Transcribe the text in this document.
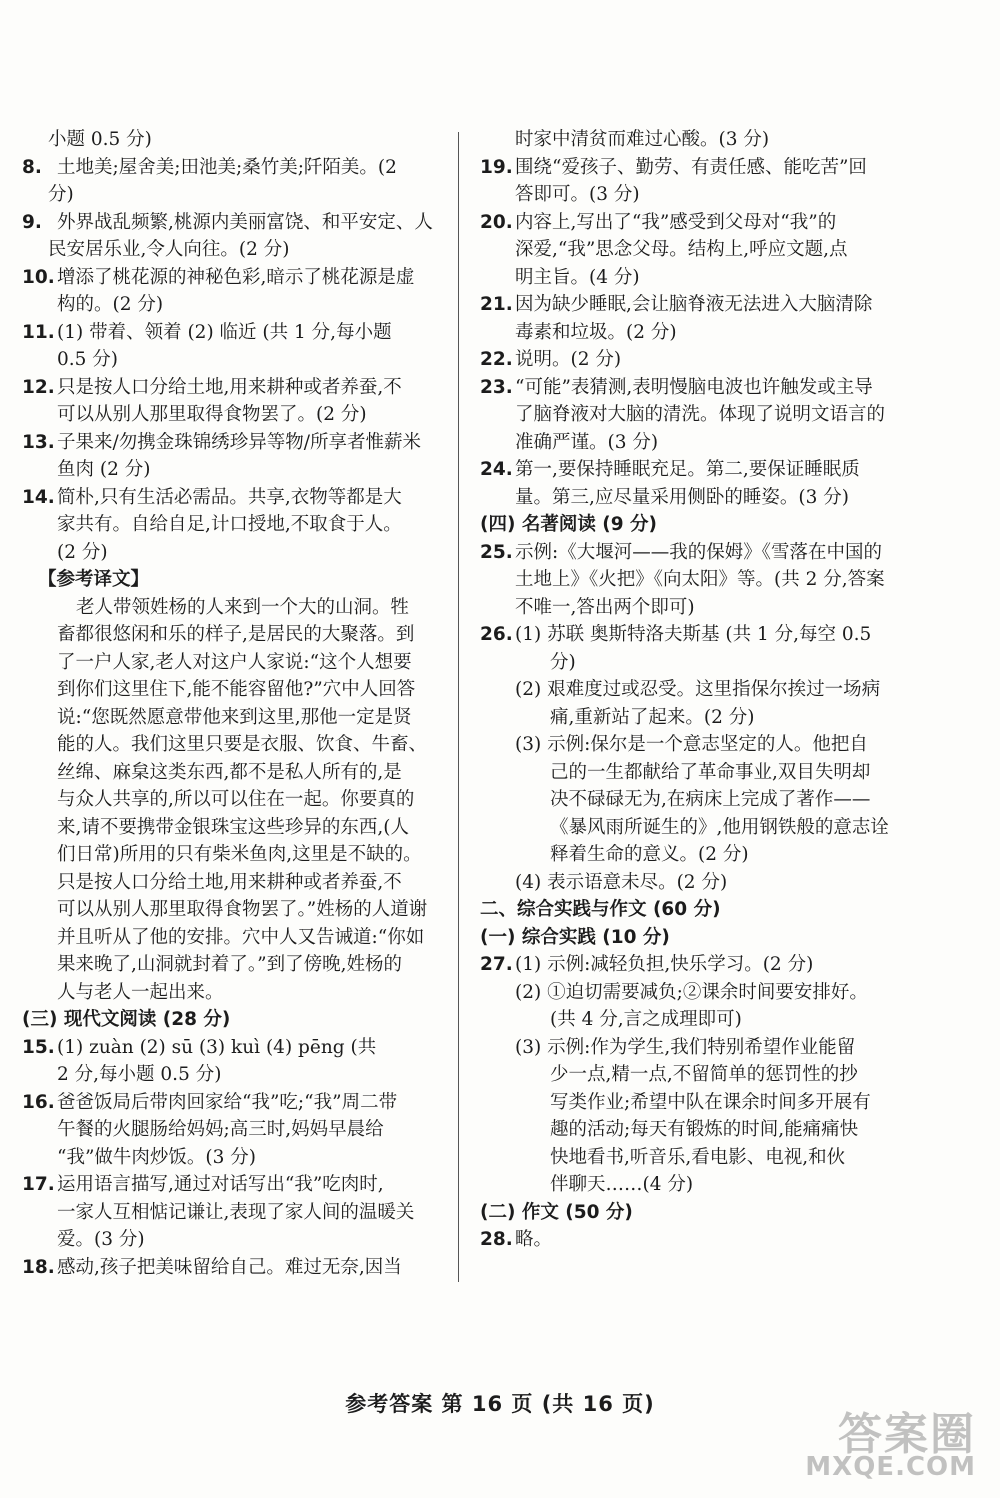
小题 0.5 分)
8. 土地美;屋舍美;田池美;桑竹美;阡陌美。(2
分)
9. 外界战乱频繁,桃源内美丽富饶、和平安定、人
民安居乐业,令人向往。(2 分)
10. 增添了桃花源的神秘色彩,暗示了桃花源是虚
构的。(2 分)
11. (1) 带着、领着 (2) 临近 (共 1 分,每小题
0.5 分)
12. 只是按人口分给土地,用来耕种或者养蚕,不
可以从别人那里取得食物罢了。(2 分)
13. 子果来/勿携金珠锦绣珍异等物/所享者惟薪米
鱼肉 (2 分)
14. 简朴,只有生活必需品。共享,衣物等都是大
家共有。自给自足,计口授地,不取食于人。
(2 分)
【参考译文】
老人带领姓杨的人来到一个大的山洞。牲
畜都很悠闲和乐的样子,是居民的大聚落。到
了一户人家,老人对这户人家说:“这个人想要
到你们这里住下,能不能容留他?”穴中人回答
说:“您既然愿意带他来到这里,那他一定是贤
能的人。我们这里只要是衣服、饮食、牛畜、
丝绵、麻枲这类东西,都不是私人所有的,是
与众人共享的,所以可以住在一起。你要真的
来,请不要携带金银珠宝这些珍异的东西,(人
们日常)所用的只有柴米鱼肉,这里是不缺的。
只是按人口分给土地,用来耕种或者养蚕,不
可以从别人那里取得食物罢了。”姓杨的人道谢
并且听从了他的安排。穴中人又告诫道:“你如
果来晚了,山洞就封着了。”到了傍晚,姓杨的
人与老人一起出来。
(三) 现代文阅读 (28 分)
15. (1) zuàn (2) sū (3) kuì (4) pēng (共
2 分,每小题 0.5 分)
16. 爸爸饭局后带肉回家给“我”吃;“我”周二带
午餐的火腿肠给妈妈;高三时,妈妈早晨给
“我”做牛肉炒饭。(3 分)
17. 运用语言描写,通过对话写出“我”吃肉时,
一家人互相惦记谦让,表现了家人间的温暖关
爱。(3 分)
18. 感动,孩子把美味留给自己。难过无奈,因当
时家中清贫而难过心酸。(3 分)
19. 围绕“爱孩子、勤劳、有责任感、能吃苦”回
答即可。(3 分)
20. 内容上,写出了“我”感受到父母对“我”的
深爱,“我”思念父母。结构上,呼应文题,点
明主旨。(4 分)
21. 因为缺少睡眠,会让脑脊液无法进入大脑清除
毒素和垃圾。(2 分)
22. 说明。(2 分)
23. “可能”表猜测,表明慢脑电波也许触发或主导
了脑脊液对大脑的清洗。体现了说明文语言的
准确严谨。(3 分)
24. 第一,要保持睡眠充足。第二,要保证睡眠质
量。第三,应尽量采用侧卧的睡姿。(3 分)
(四) 名著阅读 (9 分)
25. 示例:《大堰河——我的保姆》《雪落在中国的
土地上》《火把》《向太阳》等。(共 2 分,答案
不唯一,答出两个即可)
26. (1) 苏联 奥斯特洛夫斯基 (共 1 分,每空 0.5
分)
(2) 艰难度过或忍受。这里指保尔挨过一场病
痛,重新站了起来。(2 分)
(3) 示例:保尔是一个意志坚定的人。他把自
己的一生都献给了革命事业,双目失明却
决不碌碌无为,在病床上完成了著作——
《暴风雨所诞生的》,他用钢铁般的意志诠
释着生命的意义。(2 分)
(4) 表示语意未尽。(2 分)
二、综合实践与作文 (60 分)
(一) 综合实践 (10 分)
27. (1) 示例:减轻负担,快乐学习。(2 分)
(2) ①迫切需要减负;②课余时间要安排好。
(共 4 分,言之成理即可)
(3) 示例:作为学生,我们特别希望作业能留
少一点,精一点,不留简单的惩罚性的抄
写类作业;希望中队在课余时间多开展有
趣的活动;每天有锻炼的时间,能痛痛快
快地看书,听音乐,看电影、电视,和伙
伴聊天……(4 分)
(二) 作文 (50 分)
28. 略。
参考答案 第 16 页 (共 16 页)
答案圈
MXQE.COM
